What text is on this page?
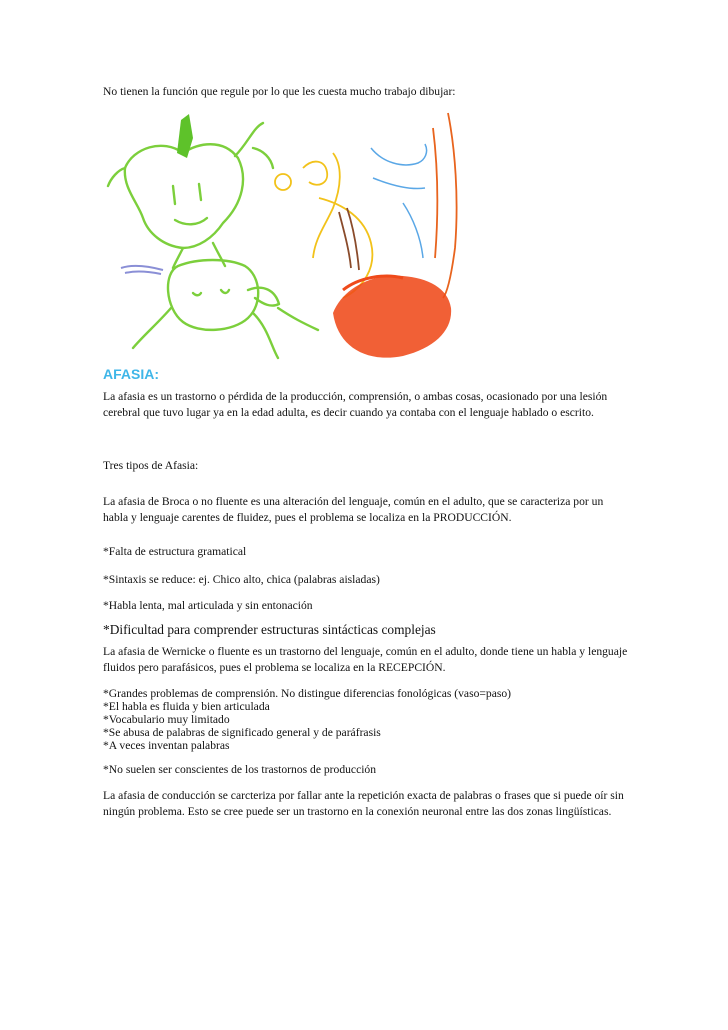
No tienen la función que regule por lo que les cuesta mucho trabajo dibujar:

AFASIA:

La afasia es un trastorno o pérdida de la producción, comprensión, o ambas cosas, ocasionado por una lesión cerebral que tuvo lugar ya en la edad adulta, es decir cuando ya contaba con el lenguaje hablado o escrito.

Tres tipos de Afasia:

La afasia de Broca o no fluente es una alteración del lenguaje, común en el adulto, que se caracteriza por un habla y lenguaje carentes de fluidez, pues el problema se localiza en la PRODUCCIÓN.

*Falta de estructura gramatical

*Sintaxis se reduce: ej. Chico alto, chica (palabras aisladas)

*Habla lenta, mal articulada y sin entonación

*Dificultad para comprender estructuras sintácticas complejas

La afasia de Wernicke o fluente es un trastorno del lenguaje, común en el adulto, donde tiene un habla y lenguaje fluidos pero parafásicos, pues el problema se localiza en la RECEPCIÓN.

*Grandes problemas de comprensión. No distingue diferencias fonológicas (vaso=paso)

*El habla es fluida y bien articulada

*Vocabulario muy limitado

*Se abusa de palabras de significado general y de paráfrasis

*A veces inventan palabras

*No suelen ser conscientes de los trastornos de producción

La afasia de conducción se carcteriza por fallar ante la repetición exacta de palabras o frases que si puede oír sin ningún problema. Esto se cree puede ser un trastorno en la conexión neuronal entre las dos zonas lingüísticas.
